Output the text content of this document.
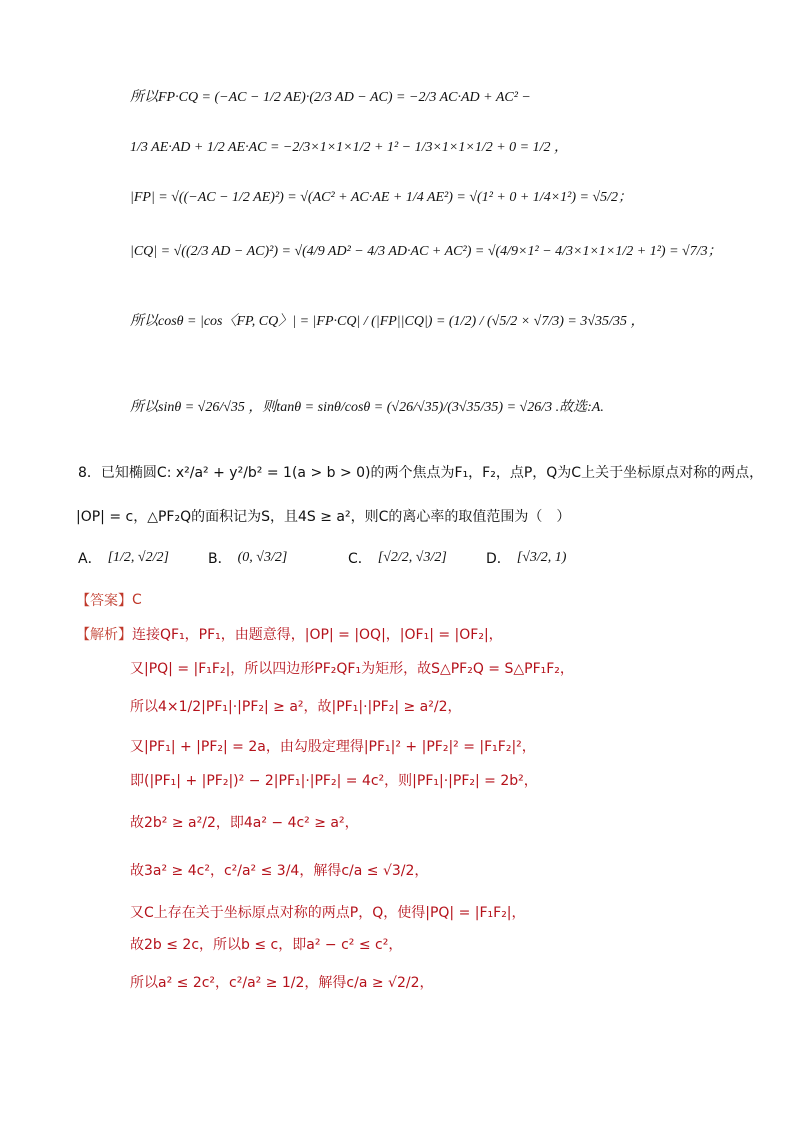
所以FP·CQ = (−AC − 1/2 AE)·(2/3 AD − AC) = −2/3 AC·AD + AC² −
1/3 AE·AD + 1/2 AE·AC = −2/3×1×1×1/2 + 1² − 1/3×1×1×1/2 + 0 = 1/2 ，
|FP| = √((−AC − 1/2 AE)²) = √(AC² + AC·AE + 1/4 AE²) = √(1² + 0 + 1/4×1²) = √5/2；
|CQ| = √((2/3 AD − AC)²) = √(4/9 AD² − 4/3 AD·AC + AC²) = √(4/9×1² − 4/3×1×1×1/2 + 1²) = √7/3；
所以cosθ = |cos〈FP, CQ〉| = |FP·CQ| / (|FP||CQ|) = (1/2) / (√5/2 × √7/3) = 3√35/35 ，
所以sinθ = √26/√35 ，则tanθ = sinθ/cosθ = (√26/√35)/(3√35/35) = √26/3 .故选:A.
8． 已知椭圆C: x²/a² + y²/b² = 1(a > b > 0)的两个焦点为F₁，F₂，点P，Q为C上关于坐标原点对称的两点，
|OP| = c，△PF₂Q的面积记为S，且4S ≥ a²，则C的离心率的取值范围为（　）
A． [1/2, √2/2]	B． (0, √3/2]	C． [√2/2, √3/2]	D． [√3/2, 1)
【答案】 C
【解析】 连接QF₁，PF₁，由题意得，|OP| = |OQ|，|OF₁| = |OF₂|，
又|PQ| = |F₁F₂|，所以四边形PF₂QF₁为矩形，故S△PF₂Q = S△PF₁F₂，
所以4×1/2|PF₁|·|PF₂| ≥ a²，故|PF₁|·|PF₂| ≥ a²/2，
又|PF₁| + |PF₂| = 2a，由勾股定理得|PF₁|² + |PF₂|² = |F₁F₂|²，
即(|PF₁| + |PF₂|)² − 2|PF₁|·|PF₂| = 4c²，则|PF₁|·|PF₂| = 2b²，
故2b² ≥ a²/2，即4a² − 4c² ≥ a²，
故3a² ≥ 4c²，c²/a² ≤ 3/4，解得c/a ≤ √3/2，
又C上存在关于坐标原点对称的两点P，Q，使得|PQ| = |F₁F₂|，
故2b ≤ 2c，所以b ≤ c，即a² − c² ≤ c²，
所以a² ≤ 2c²，c²/a² ≥ 1/2，解得c/a ≥ √2/2，
